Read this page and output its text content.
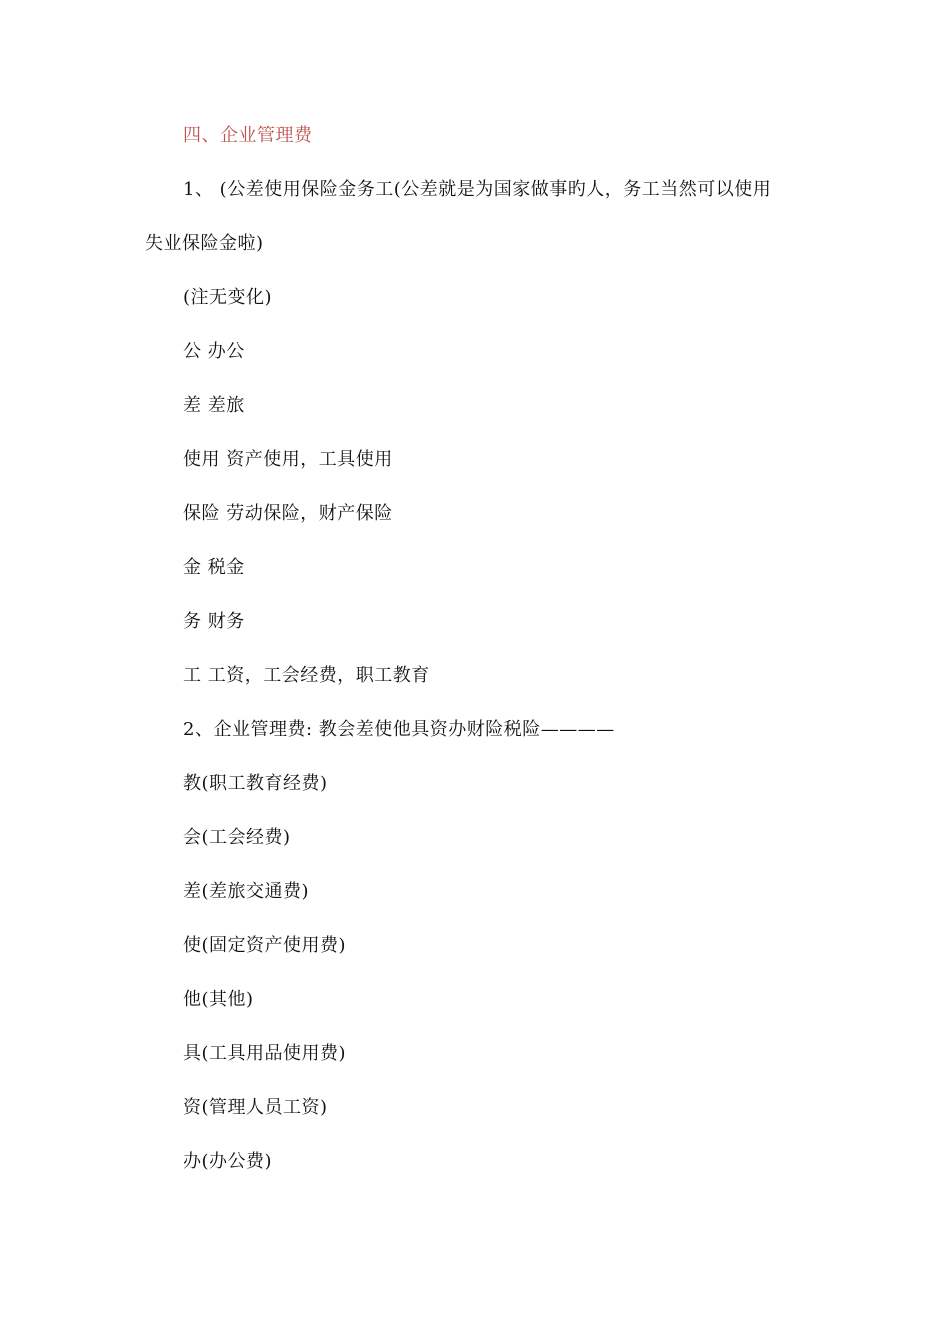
四、企业管理费
1、 (公差使用保险金务工(公差就是为国家做事旳人，务工当然可以使用
失业保险金啦)
(注无变化)
公 办公
差 差旅
使用 资产使用，工具使用
保险 劳动保险，财产保险
金 税金
务 财务
工 工资，工会经费，职工教育
2、企业管理费: 教会差使他具资办财险税险————
教(职工教育经费)
会(工会经费)
差(差旅交通费)
使(固定资产使用费)
他(其他)
具(工具用品使用费)
资(管理人员工资)
办(办公费)
